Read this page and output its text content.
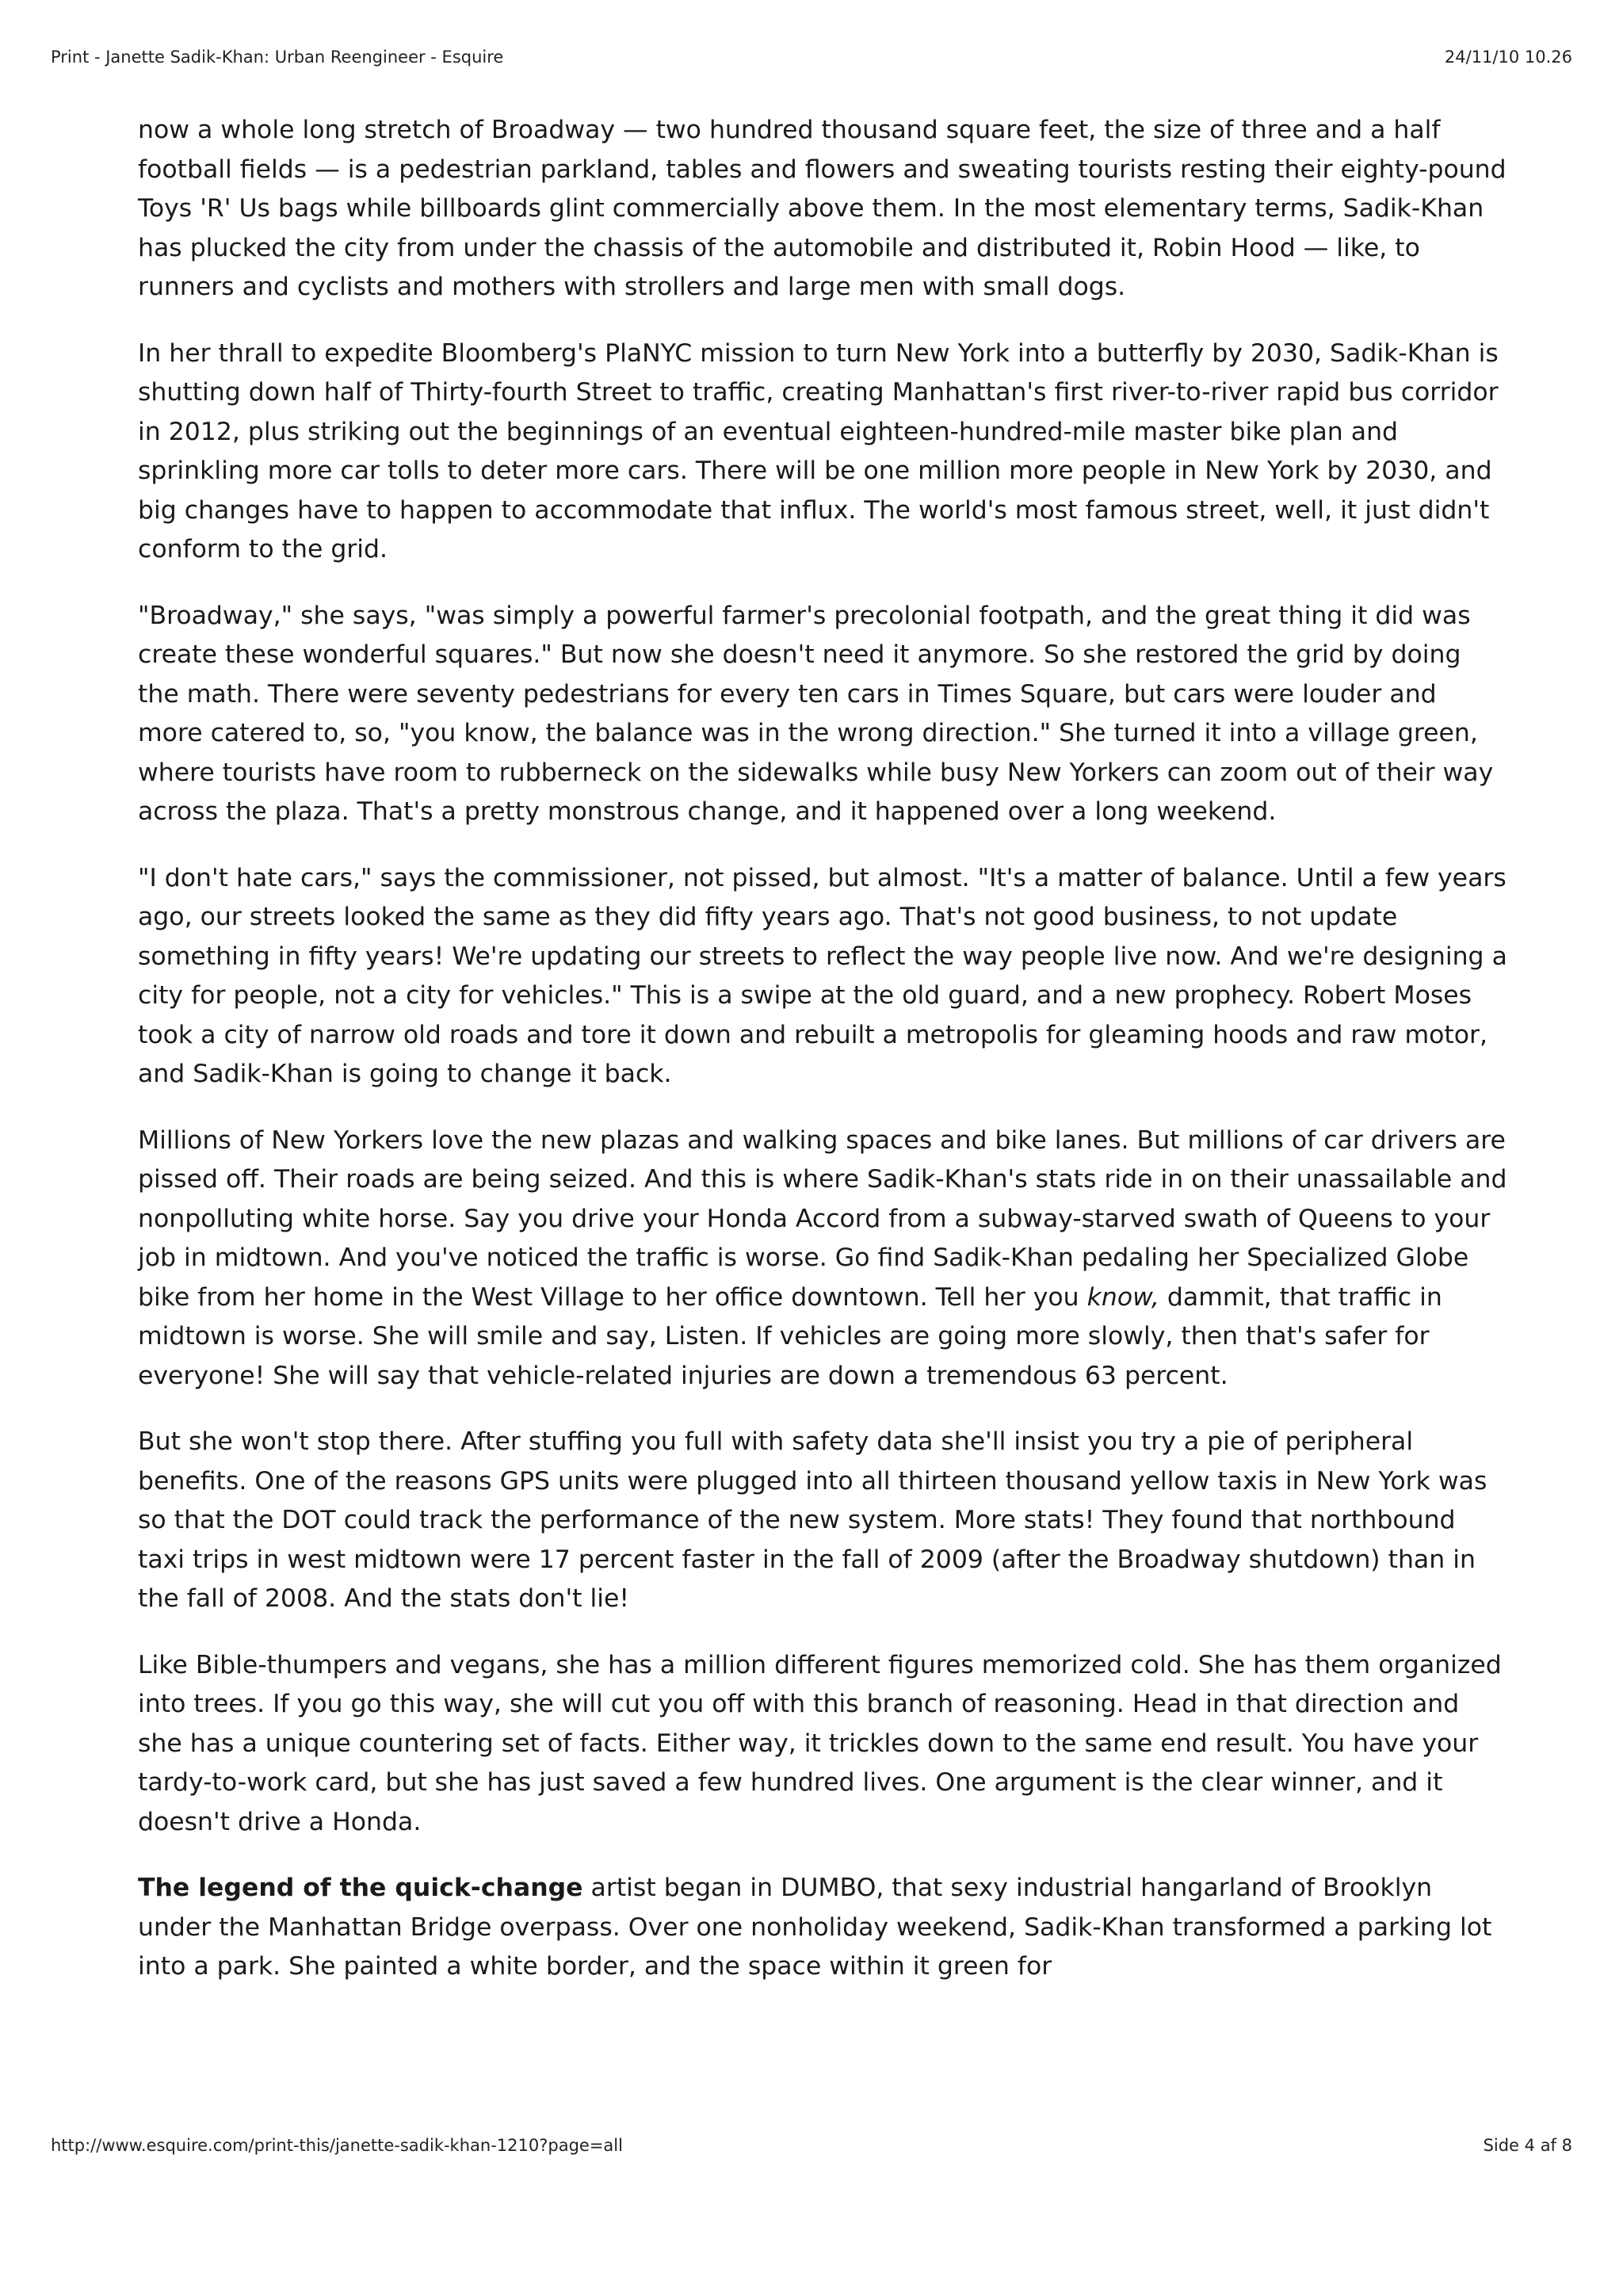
Print - Janette Sadik-Khan: Urban Reengineer - Esquire	24/11/10 10.26

now a whole long stretch of Broadway — two hundred thousand square feet, the size of three and a half football fields — is a pedestrian parkland, tables and flowers and sweating tourists resting their eighty-pound Toys 'R' Us bags while billboards glint commercially above them. In the most elementary terms, Sadik-Khan has plucked the city from under the chassis of the automobile and distributed it, Robin Hood — like, to runners and cyclists and mothers with strollers and large men with small dogs.

In her thrall to expedite Bloomberg's PlaNYC mission to turn New York into a butterfly by 2030, Sadik-Khan is shutting down half of Thirty-fourth Street to traffic, creating Manhattan's first river-to-river rapid bus corridor in 2012, plus striking out the beginnings of an eventual eighteen-hundred-mile master bike plan and sprinkling more car tolls to deter more cars. There will be one million more people in New York by 2030, and big changes have to happen to accommodate that influx. The world's most famous street, well, it just didn't conform to the grid.

"Broadway," she says, "was simply a powerful farmer's precolonial footpath, and the great thing it did was create these wonderful squares." But now she doesn't need it anymore. So she restored the grid by doing the math. There were seventy pedestrians for every ten cars in Times Square, but cars were louder and more catered to, so, "you know, the balance was in the wrong direction." She turned it into a village green, where tourists have room to rubberneck on the sidewalks while busy New Yorkers can zoom out of their way across the plaza. That's a pretty monstrous change, and it happened over a long weekend.

"I don't hate cars," says the commissioner, not pissed, but almost. "It's a matter of balance. Until a few years ago, our streets looked the same as they did fifty years ago. That's not good business, to not update something in fifty years! We're updating our streets to reflect the way people live now. And we're designing a city for people, not a city for vehicles." This is a swipe at the old guard, and a new prophecy. Robert Moses took a city of narrow old roads and tore it down and rebuilt a metropolis for gleaming hoods and raw motor, and Sadik-Khan is going to change it back.

Millions of New Yorkers love the new plazas and walking spaces and bike lanes. But millions of car drivers are pissed off. Their roads are being seized. And this is where Sadik-Khan's stats ride in on their unassailable and nonpolluting white horse. Say you drive your Honda Accord from a subway-starved swath of Queens to your job in midtown. And you've noticed the traffic is worse. Go find Sadik-Khan pedaling her Specialized Globe bike from her home in the West Village to her office downtown. Tell her you know, dammit, that traffic in midtown is worse. She will smile and say, Listen. If vehicles are going more slowly, then that's safer for everyone! She will say that vehicle-related injuries are down a tremendous 63 percent.

But she won't stop there. After stuffing you full with safety data she'll insist you try a pie of peripheral benefits. One of the reasons GPS units were plugged into all thirteen thousand yellow taxis in New York was so that the DOT could track the performance of the new system. More stats! They found that northbound taxi trips in west midtown were 17 percent faster in the fall of 2009 (after the Broadway shutdown) than in the fall of 2008. And the stats don't lie!

Like Bible-thumpers and vegans, she has a million different figures memorized cold. She has them organized into trees. If you go this way, she will cut you off with this branch of reasoning. Head in that direction and she has a unique countering set of facts. Either way, it trickles down to the same end result. You have your tardy-to-work card, but she has just saved a few hundred lives. One argument is the clear winner, and it doesn't drive a Honda.

The legend of the quick-change artist began in DUMBO, that sexy industrial hangarland of Brooklyn under the Manhattan Bridge overpass. Over one nonholiday weekend, Sadik-Khan transformed a parking lot into a park. She painted a white border, and the space within it green for

http://www.esquire.com/print-this/janette-sadik-khan-1210?page=all	Side 4 af 8
